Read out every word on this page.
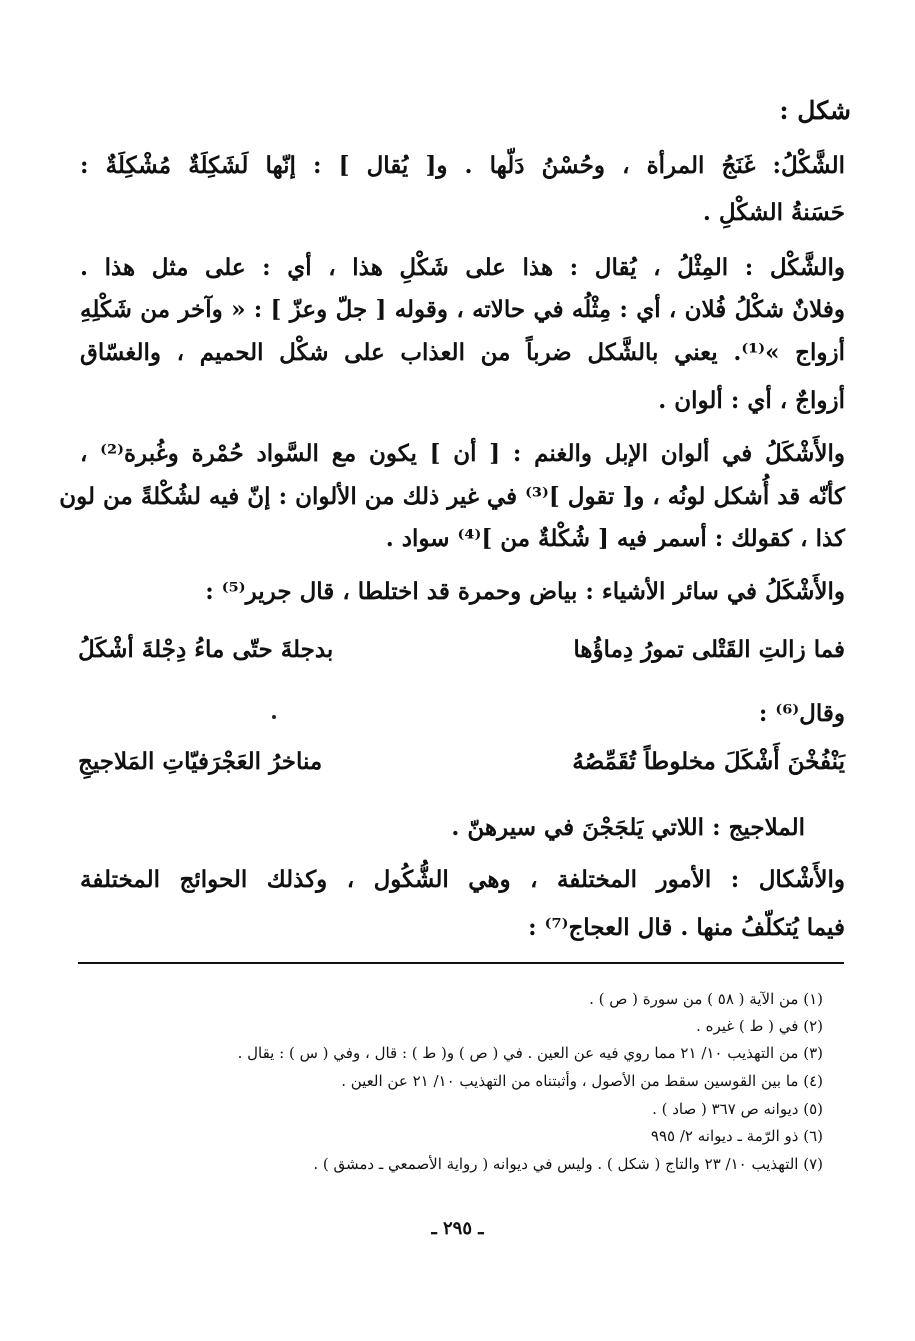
شكل :
الشَّكْلُ: غَنَجُ المرأة ، وحُسْنُ دَلّها . و[ يُقال ] : إنّها لَشَكِلَةٌ مُشْكِلَةٌ :
حَسَنةُ الشكْلِ .
والشَّكْل : المِثْلُ ، يُقال : هذا على شَكْلِ هذا ، أي : على مثل هذا .
وفلانٌ شكْلُ فُلان ، أي : مِثْلُه في حالاته ، وقوله [ جلّ وعزّ ] : « وآخر من شَكْلِهِ
أزواج »⁽¹⁾. يعني بالشَّكل ضرباً من العذاب على شكْل الحميم ، والغسّاق
أزواجٌ ، أي : ألوان .
والأَشْكَلُ في ألوان الإبل والغنم : [ أن ] يكون مع السَّواد حُمْرة وغُبرة⁽²⁾ ،
كأنّه قد أُشكل لونُه ، و[ تقول ]⁽³⁾ في غير ذلك من الألوان : إنّ فيه لشُكْلةً من لون
كذا ، كقولك : أسمر فيه [ شُكْلةٌ من ]⁽⁴⁾ سواد .
والأَشْكَلُ في سائر الأشياء : بياض وحمرة قد اختلطا ، قال جرير⁽⁵⁾ :
فما زالتِ القَتْلى تمورُ دِماؤُها
بدجلةَ حتّى ماءُ دِجْلةَ أشْكَلُ
وقال⁽⁶⁾ :
يَنْفُخْنَ أَشْكَلَ مخلوطاً تُقَمِّصُهُ
مناخرُ العَجْرَفيّاتِ المَلاجيجِ
الملاجيج : اللاتي يَلجَجْنَ في سيرهنّ .
والأَشْكال : الأمور المختلفة ، وهي الشُّكُول ، وكذلك الحوائج المختلفة
فيما يُتكلّفُ منها . قال العجاج⁽⁷⁾ :
(١) من الآية ( ٥٨ ) من سورة ( ص ) .
(٢) في ( ط ) غيره .
(٣) من التهذيب ١٠/ ٢١ مما روي فيه عن العين . في ( ص ) و( ط ) : قال ، وفي ( س ) : يقال .
(٤) ما بين القوسين سقط من الأصول ، وأثبتناه من التهذيب ١٠/ ٢١ عن العين .
(٥) ديوانه ص ٣٦٧ ( صاد ) .
(٦) ذو الرّمة ـ ديوانه ٢/ ٩٩٥
(٧) التهذيب ١٠/ ٢٣ والتاج ( شكل ) . وليس في ديوانه ( رواية الأصمعي ـ دمشق ) .
ـ ٢٩٥ ـ
